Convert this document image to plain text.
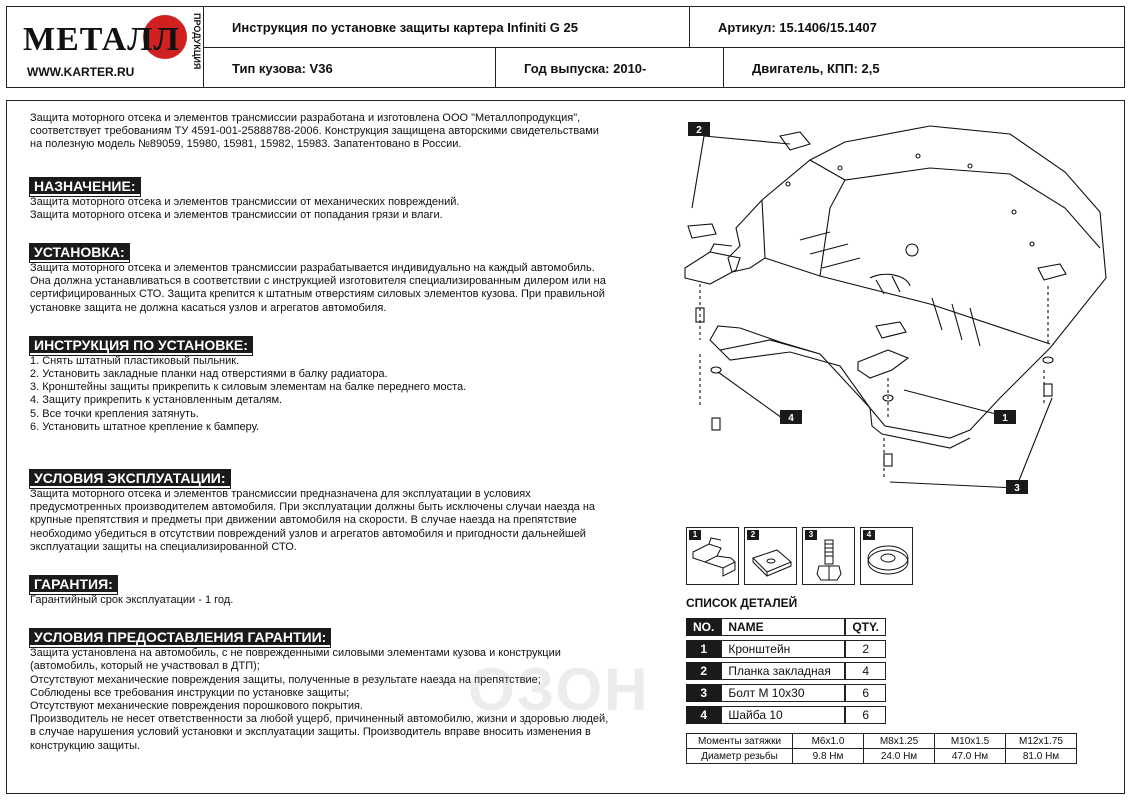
МЕТАЛЛ	ПРОДУКЦИЯ
WWW.KARTER.RU
Инструкция по установке защиты картера Infiniti G 25	Артикул: 15.1406/15.1407
Тип кузова: V36	Год выпуска: 2010-	Двигатель, КПП: 2,5
Защита моторного отсека и элементов трансмиссии разработана и изготовлена ООО "Металлопродукция",
соответствует требованиям ТУ 4591-001-25888788-2006. Конструкция защищена авторскими свидетельствами
на полезную модель №89059, 15980, 15981, 15982, 15983. Запатентовано в России.
НАЗНАЧЕНИЕ:
Защита моторного отсека и элементов трансмиссии от механических повреждений.
Защита моторного отсека и элементов трансмиссии от попадания грязи и влаги.
УСТАНОВКА:
Защита моторного отсека и элементов трансмиссии разрабатывается индивидуально на каждый автомобиль.
Она должна устанавливаться в соответствии с инструкцией изготовителя специализированным дилером или на
сертифицированных СТО. Защита крепится к штатным отверстиям силовых элементов кузова. При правильной
установке защита не должна касаться узлов и агрегатов автомобиля.
ИНСТРУКЦИЯ ПО УСТАНОВКЕ:
1. Снять штатный пластиковый пыльник.
2. Установить закладные планки над отверстиями в балку радиатора.
3. Кронштейны защиты прикрепить к силовым элементам на балке переднего моста.
4. Защиту прикрепить к установленным деталям.
5. Все точки крепления затянуть.
6. Установить штатное крепление к бамперу.
УСЛОВИЯ ЭКСПЛУАТАЦИИ:
Защита моторного отсека и элементов трансмиссии предназначена для эксплуатации в условиях
предусмотренных производителем автомобиля. При эксплуатации должны быть исключены случаи наезда на
крупные препятствия и предметы при движении автомобиля на скорости. В случае наезда на препятствие
необходимо убедиться в отсутствии повреждений узлов и агрегатов автомобиля и пригодности дальнейшей
эксплуатации защиты на специализированной СТО.
ГАРАНТИЯ:
Гарантийный срок эксплуатации - 1 год.
УСЛОВИЯ ПРЕДОСТАВЛЕНИЯ ГАРАНТИИ:
Защита установлена на автомобиль, с не поврежденными силовыми элементами кузова и конструкции
(автомобиль, который не участвовал в ДТП);
Отсутствуют механические повреждения защиты, полученные в результате наезда на препятствие;
Соблюдены все требования инструкции по установке защиты;
Отсутствуют механические повреждения порошкового покрытия.
Производитель не несет ответственности за любой ущерб, причиненный автомобилю, жизни и здоровью людей,
в случае нарушения условий установки и эксплуатации защиты. Производитель вправе вносить изменения в
конструкцию защиты.
2
1
3
4
1	2	3	4
СПИСОК ДЕТАЛЕЙ
NO.	NAME	QTY.
1	Кронштейн	2
2	Планка закладная	4
3	Болт М 10х30	6
4	Шайба 10	6
Моменты затяжки	M6x1.0	M8x1.25	M10x1.5	M12x1.75
Диаметр резьбы	9.8 Нм	24.0 Нм	47.0 Нм	81.0 Нм
ОЗОН
